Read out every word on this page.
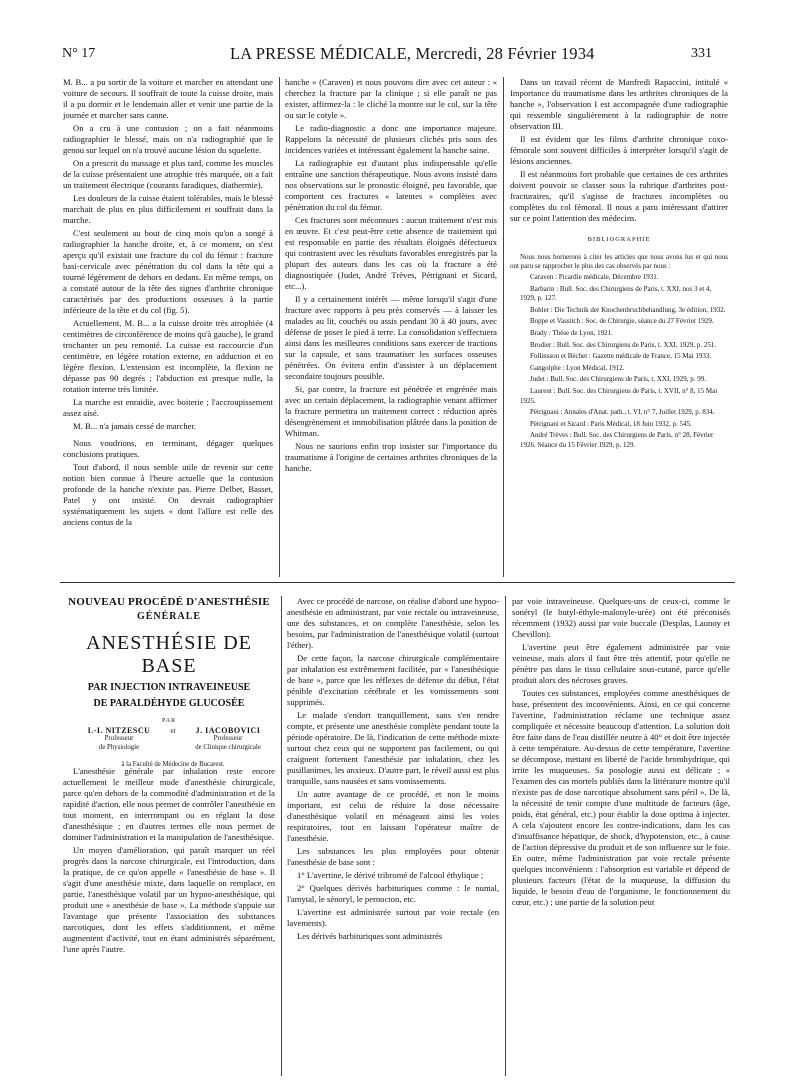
N° 17	LA PRESSE MÉDICALE, Mercredi, 28 Février 1934	331

M. B... a pu sortir de la voiture et marcher en attendant une voiture de secours. Il souffrait de toute la cuisse droite, mais il a pu dormir et le lendemain aller et venir une partie de la journée et marcher sans canne.

On a cru à une contusion ; on a fait néanmoins radiographier le blessé, mais on n'a radiographié que le genou sur lequel on n'a trouvé aucune lésion du squelette.

On a prescrit du massage et plus tard, comme les muscles de la cuisse présentaient une atrophie très marquée, on a fait un traitement électrique (courants faradiques, diathermie).

Les douleurs de la cuisse étaient tolérables, mais le blessé marchait de plus en plus difficilement et souffrait dans la marche.

C'est seulement au bout de cinq mois qu'on a songé à radiographier la hanche droite, et, à ce moment, on s'est aperçu qu'il existait une fracture du col du fémur : fracture basi-cervicale avec pénétration du col dans la tête qui a tourné légèrement de dehors en dedans. En même temps, on a constaté autour de la tête des signes d'arthrite chronique caractérisés par des productions osseuses à la partie inférieure de la tête et du col (fig. 5).

Actuellement, M. B... a la cuisse droite très atrophiée (4 centimètres de circonférence de moins qu'à gauche), le grand trochanter un peu remonté. La cuisse est raccourcie d'un centimètre, en légère rotation externe, en adduction et en légère flexion. L'extension est incomplète, la flexion ne dépasse pas 90 degrés ; l'abduction est presque nulle, la rotation interne très limitée.

La marche est enraidie, avec boiterie ; l'accroupissement assez aisé.

M. B... n'a jamais cessé de marcher.

Nous voudrions, en terminant, dégager quelques conclusions pratiques.

Tout d'abord, il nous semble utile de revenir sur cette notion bien connue à l'heure actuelle que la contusion profonde de la hanche n'existe pas. Pierre Delbet, Basset, Patel y ont insisté. On devrait radiographier systématiquement les sujets « dont l'allure est celle des anciens contus de la

hanche » (Caraven) et nous pouvons dire avec cet auteur : « cherchez la fracture par la clinique ; si elle paraît ne pas exister, affirmez-la : le cliché la montre sur le col, sur la tête ou sur le cotyle ».

Le radio-diagnostic a donc une importance majeure. Rappelons la nécessité de plusieurs clichés pris sous des incidences variées et intéressant également la hanche saine.

La radiographie est d'autant plus indispensable qu'elle entraîne une sanction thérapeutique. Nous avons insisté dans nos observations sur le pronostic éloigné, peu favorable, que comportent ces fractures « latentes » complètes avec pénétration du col du fémur.

Ces fractures sont méconnues : aucun traitement n'est mis en œuvre. Et c'est peut-être cette absence de traitement qui est responsable en partie des résultats éloignés défectueux qui contrastent avec les résultats favorables enregistrés par la plupart des auteurs dans les cas où la fracture a été diagnostiquée (Judet, André Trèves, Pétrignani et Sicard, etc...).

Il y a certainement intérêt — même lorsqu'il s'agit d'une fracture avec rapports à peu près conservés — à laisser les malades au lit, couchés ou assis pendant 30 à 40 jours, avec défense de poser le pied à terre. La consolidation s'effectuera ainsi dans les meilleures conditions sans exercer de tractions sur la capsule, et sans traumatiser les surfaces osseuses pénétrées. On évitera enfin d'assister à un déplacement secondaire toujours possible.

Si, par contre, la fracture est pénétrée et engrénée mais avec un certain déplacement, la radiographie venant affirmer la fracture permettra un traitement correct : réduction après désengrènement et immobilisation plâtrée dans la position de Whitman.

Nous ne saurions enfin trop insister sur l'importance du traumatisme à l'origine de certaines arthrites chroniques de la hanche.

Dans un travail récent de Manfredi Rapaccini, intitulé « Importance du traumatisme dans les arthrites chroniques de la hanche », l'observation I est accompagnée d'une radiographie qui ressemble singulièrement à la radiographie de notre observation III.

Il est évident que les films d'arthrite chronique coxo-fémorale sont souvent difficiles à interpréter lorsqu'il s'agit de lésions anciennes.

Il est néanmoins fort probable que certaines de ces arthrites doivent pouvoir se classer sous la rubrique d'arthrites post-fracturaires, qu'il s'agisse de fractures incomplètes ou complètes du col fémoral. Il nous a paru intéressant d'attirer sur ce point l'attention des médecins.

BIBLIOGRAPHIE

Nous nous bornerons à citer les articles que nous avons lus et qui nous ont paru se rapprocher le plus des cas observés par nous :

Caraven : Picardie médicale, Décembre 1931.

Barbarin : Bull. Soc. des Chirurgiens de Paris, t. XXI, nos 3 et 4, 1929, p. 127.

Bohler : Die Technik der Knochenbruchbehandlung, 3e édition, 1932.

Boppe et Vassitch : Soc. de Chirurgie, séance du 27 Février 1929.

Brady : Thèse de Lyon, 1921.

Brodier : Bull. Soc. des Chirurgiens de Paris, t. XXI, 1929, p. 251.

Follinsson et Béchet : Gazette médicale de France, 15 Mai 1933.

Gangolphe : Lyon Médical, 1912.

Judet : Bull. Soc. des Chirurgiens de Paris, t. XXI, 1929, p. 99.

Laurent : Bull. Soc. des Chirurgiens de Paris, t. XVII, n° 8, 15 Mai 1925.

Pétrignani : Annales d'Anat. path., t. VI, n° 7, Juillet 1929, p. 834.

Pétrignani et Sicard : Paris Médical, 18 Juin 1932, p. 545.

André Trèves : Bull. Soc. des Chirurgiens de Paris, n° 28, Février 1926. Séance du 15 Février 1929, p. 129.

NOUVEAU PROCÉDÉ D'ANESTHÉSIE
GÉNÉRALE
ANESTHÉSIE DE BASE
PAR INJECTION INTRAVEINEUSE
DE PARALDÉHYDE GLUCOSÉE
PAR
I.-I. NITZESCU
Professeur
de Physiologie
et	J. IACOBOVICI
Professeur
de Clinique chirurgicale
à la Faculté de Médecine de Bucarest.

L'anesthésie générale par inhalation reste encore actuellement le meilleur mode d'anesthésie chirurgicale, parce qu'en dehors de la commodité d'administration et de la rapidité d'action, elle nous permet de contrôler l'anesthésie en tout moment, en interrompant ou en réglant la dose d'anesthésique ; en d'autres termes elle nous permet de dominer l'administration et la manipulation de l'anesthésique.

Un moyen d'amélioration, qui paraît marquer un réel progrès dans la narcose chirurgicale, est l'introduction, dans la pratique, de ce qu'on appelle « l'anesthésie de base ». Il s'agit d'une anesthésie mixte, dans laquelle on remplace, en partie, l'anesthésique volatil par un hypno-anesthésique, qui produit une « anesthésie de base ». La méthode s'appuie sur l'avantage que présente l'association des substances narcotiques, dont les effets s'additionnent, et même augmentent d'activité, tout en étant administrés séparément, l'une après l'autre.

Avec ce procédé de narcose, on réalise d'abord une hypno-anesthésie en administrant, par voie rectale ou intraveineuse, une des substances, et on complète l'anesthésie, selon les besoins, par l'administration de l'anesthésique volatil (surtout l'éther).

De cette façon, la narcose chirurgicale complémentaire par inhalation est extrêmement facilitée, par « l'anesthésique de base », parce que les réflexes de défense du début, l'état pénible d'excitation cérébrale et les vomissements sont supprimés.

Le malade s'endort tranquillement, sans s'en rendre compte, et présente une anesthésie complète pendant toute la période opératoire. De là, l'indication de cette méthode mixte surtout chez ceux qui ne supportent pas facilement, ou qui craignent fortement l'anesthésie par inhalation, chez les pusillanimes, les anxieux. D'autre part, le réveil aussi est plus tranquille, sans nausées et sans vomissements.

Un autre avantage de ce procédé, et non le moins important, est celui de réduire la dose nécessaire d'anesthésique volatil en ménageant ainsi les voies respiratoires, tout en laissant l'opérateur maître de l'anesthésie.

Les substances les plus employées pour obtenir l'anesthésie de base sont :

1° L'avertine, le dérivé tribromé de l'alcool éthylique ;

2° Quelques dérivés barbituriques comme : le numal, l'amytal, le sénoryl, le pernocton, etc.

L'avertine est administrée surtout par voie rectale (en lavements).

Les dérivés barbituriques sont administrés

par voie intraveineuse. Quelques-uns de ceux-ci, comme le sonéryl (le butyl-éthyle-malonyle-urée) ont été préconisés récemment (1932) aussi par voie buccale (Desplas, Launoy et Chevillon).

L'avertine peut être également administrée par voie veineuse, mais alors il faut être très attentif, pour qu'elle ne pénètre pas dans le tissu cellulaire sous-cutané, parce qu'elle produit alors des nécroses graves.

Toutes ces substances, employées comme anesthésiques de base, présentent des inconvénients. Ainsi, en ce qui concerne l'avertine, l'administration réclame une technique assez compliquée et nécessite beaucoup d'attention. La solution doit être faite dans de l'eau distillée neutre à 40° et doit être injectée à cette température. Au-dessus de cette température, l'avertine se décompose, mettant en liberté de l'acide bromhydrique, qui irrite les muqueuses. Sa posologie aussi est délicate ; « l'examen des cas mortels publiés dans la littérature montre qu'il n'existe pas de dose narcotique absolument sans péril ». De là, la nécessité de tenir compte d'une multitude de facteurs (âge, poids, état général, etc.) pour établir la dose optima à injecter. A cela s'ajoutent encore les contre-indications, dans les cas d'insuffisance hépatique, de shock, d'hypotension, etc., à cause de l'action dépressive du produit et de son influence sur le foie. En outre, même l'administration par voie rectale présente quelques inconvénients : l'absorption est variable et dépend de plusieurs facteurs (l'état de la muqueuse, la diffusion du liquide, le besoin d'eau de l'organisme, le fonctionnement du cœur, etc.) ; une partie de la solution peut
